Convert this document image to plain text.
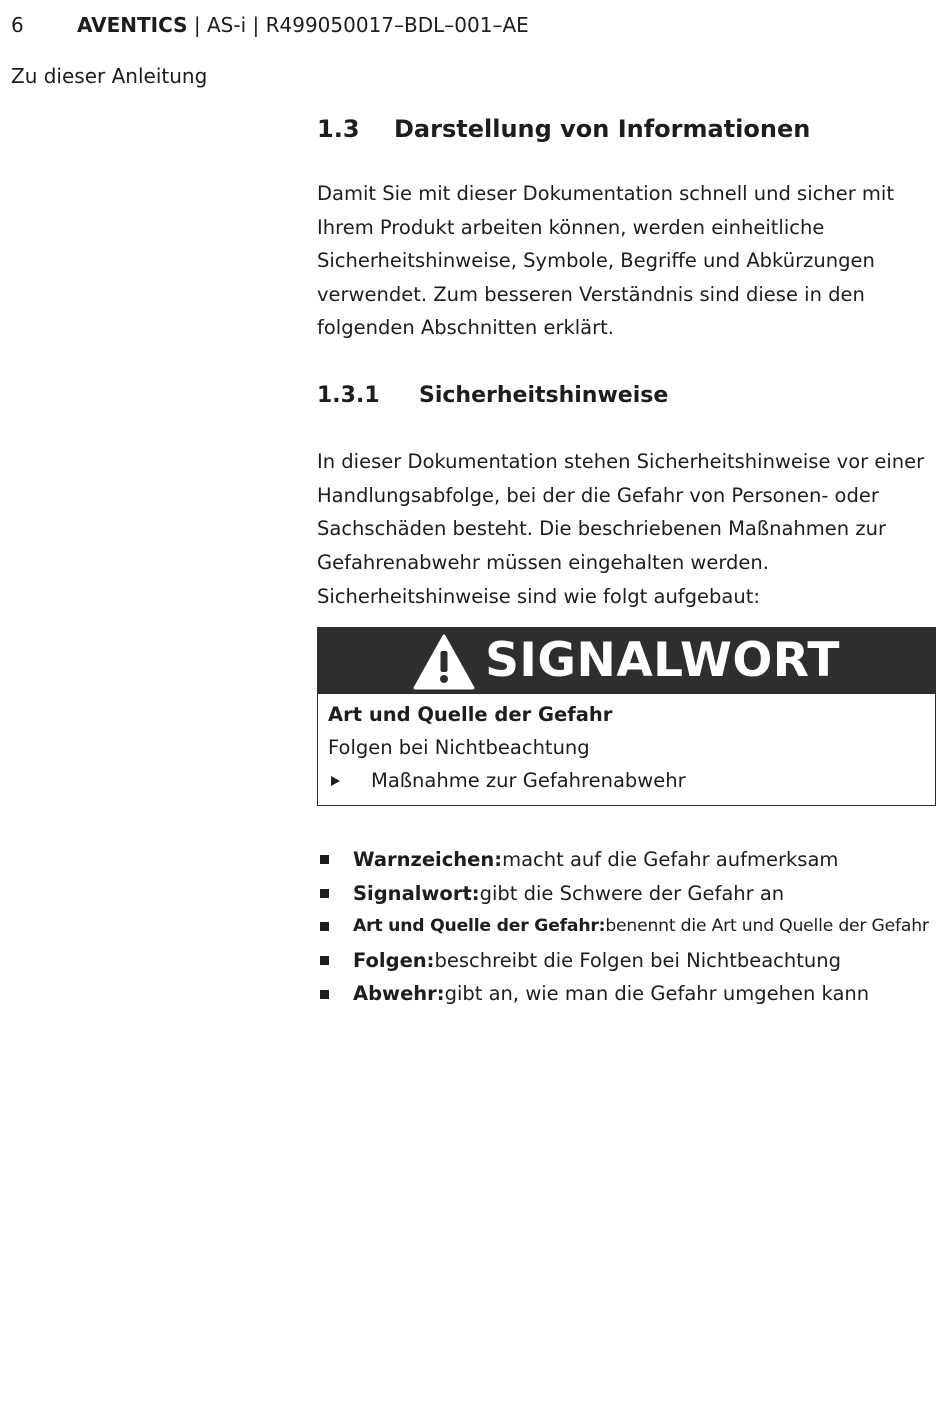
6	AVENTICS | AS-i | R499050017–BDL–001–AE
Zu dieser Anleitung
1.3 Darstellung von Informationen

Damit Sie mit dieser Dokumentation schnell und sicher mit Ihrem Produkt arbeiten können, werden einheitliche Sicherheitshinweise, Symbole, Begriffe und Abkürzungen verwendet. Zum besseren Verständnis sind diese in den folgenden Abschnitten erklärt.

1.3.1 Sicherheitshinweise

In dieser Dokumentation stehen Sicherheitshinweise vor einer Handlungsabfolge, bei der die Gefahr von Personen- oder Sachschäden besteht. Die beschriebenen Maßnahmen zur Gefahrenabwehr müssen eingehalten werden.

Sicherheitshinweise sind wie folgt aufgebaut:

SIGNALWORT
Art und Quelle der Gefahr
Folgen bei Nichtbeachtung
Maßnahme zur Gefahrenabwehr
Warnzeichen: macht auf die Gefahr aufmerksam
Signalwort: gibt die Schwere der Gefahr an
Art und Quelle der Gefahr: benennt die Art und Quelle der Gefahr
Folgen: beschreibt die Folgen bei Nichtbeachtung
Abwehr: gibt an, wie man die Gefahr umgehen kann
